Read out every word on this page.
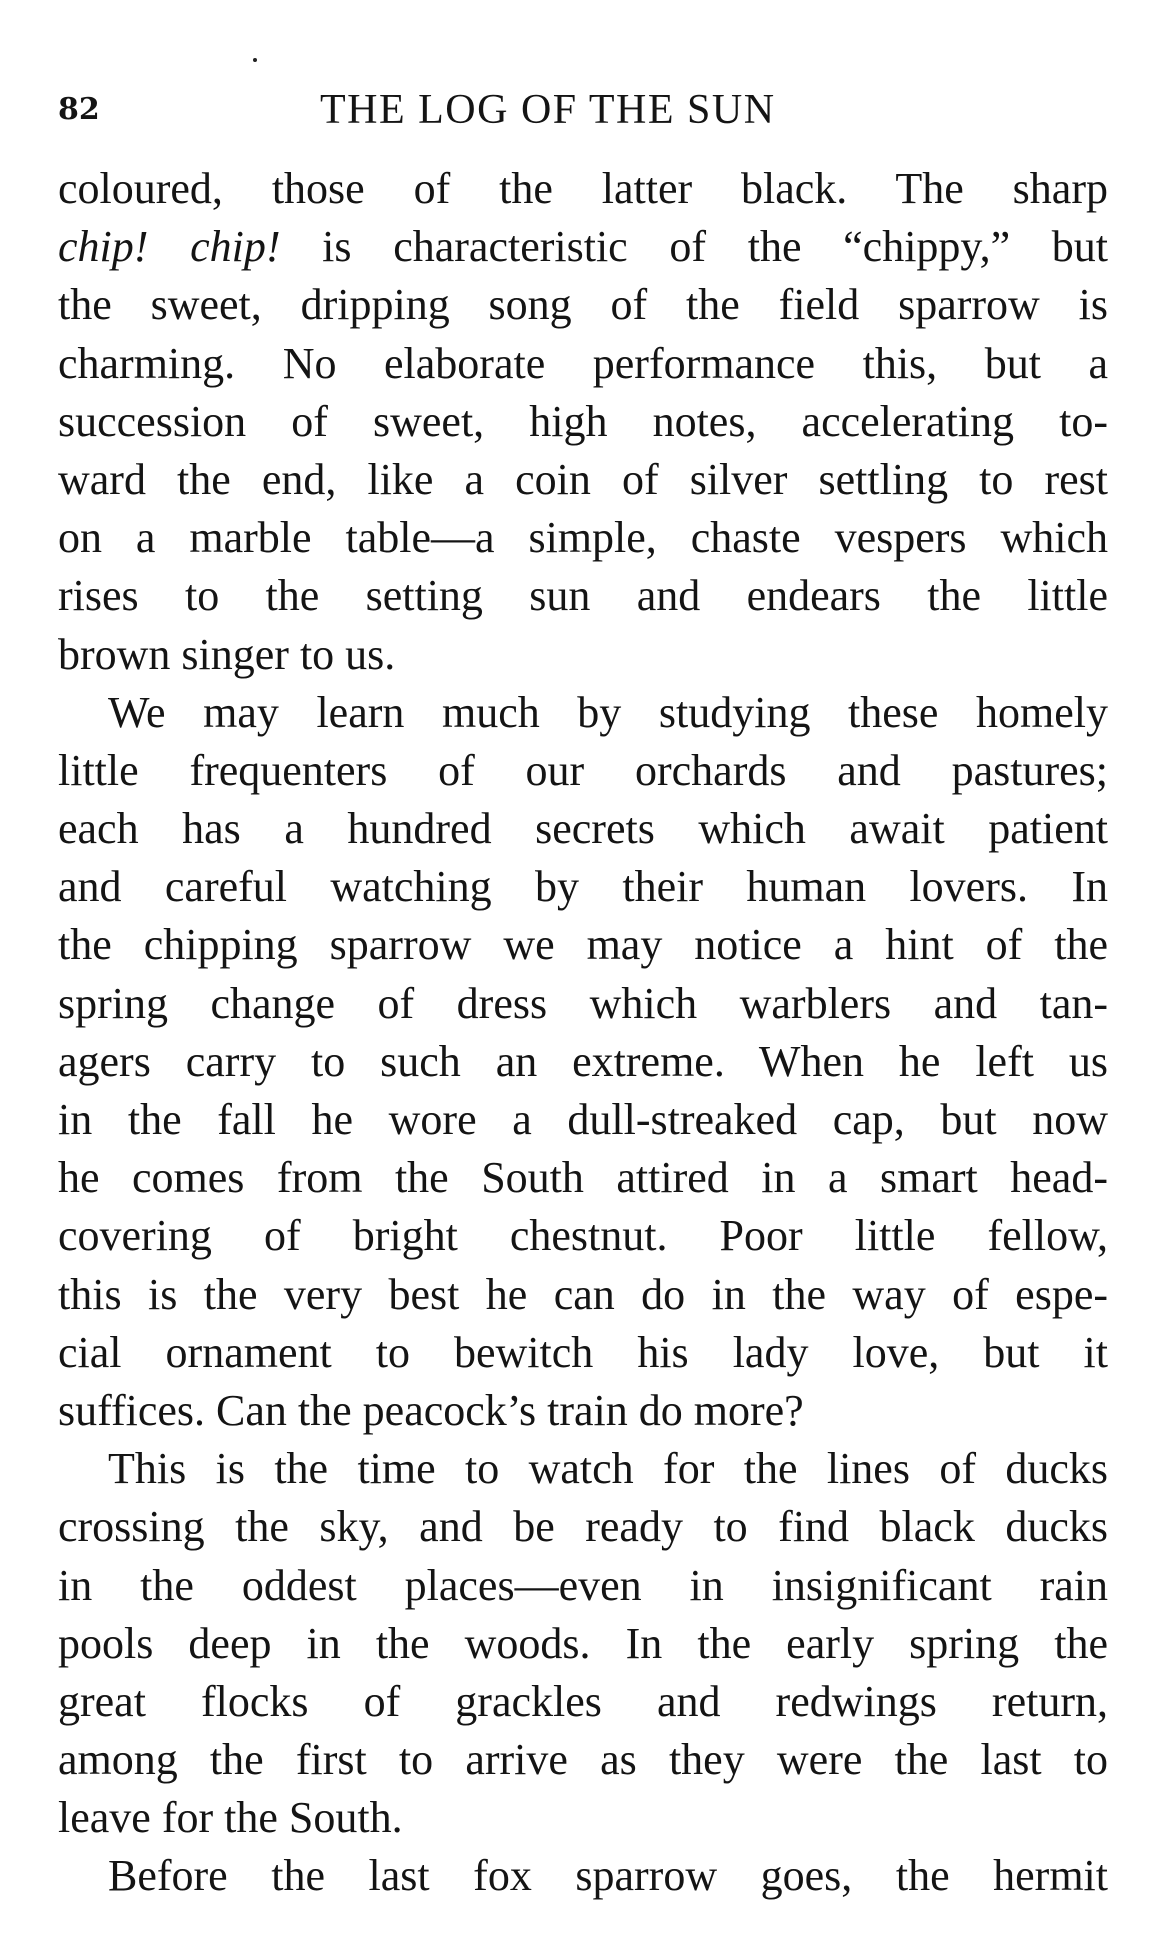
82	THE LOG OF THE SUN
coloured, those of the latter black. The sharp
chip! chip! is characteristic of the “chippy,” but
the sweet, dripping song of the field sparrow is
charming. No elaborate performance this, but a
succession of sweet, high notes, accelerating to-
ward the end, like a coin of silver settling to rest
on a marble table—a simple, chaste vespers which
rises to the setting sun and endears the little
brown singer to us.
We may learn much by studying these homely
little frequenters of our orchards and pastures;
each has a hundred secrets which await patient
and careful watching by their human lovers. In
the chipping sparrow we may notice a hint of the
spring change of dress which warblers and tan-
agers carry to such an extreme. When he left us
in the fall he wore a dull-streaked cap, but now
he comes from the South attired in a smart head-
covering of bright chestnut. Poor little fellow,
this is the very best he can do in the way of espe-
cial ornament to bewitch his lady love, but it
suffices. Can the peacock’s train do more?
This is the time to watch for the lines of ducks
crossing the sky, and be ready to find black ducks
in the oddest places—even in insignificant rain
pools deep in the woods. In the early spring the
great flocks of grackles and redwings return,
among the first to arrive as they were the last to
leave for the South.
Before the last fox sparrow goes, the hermit
